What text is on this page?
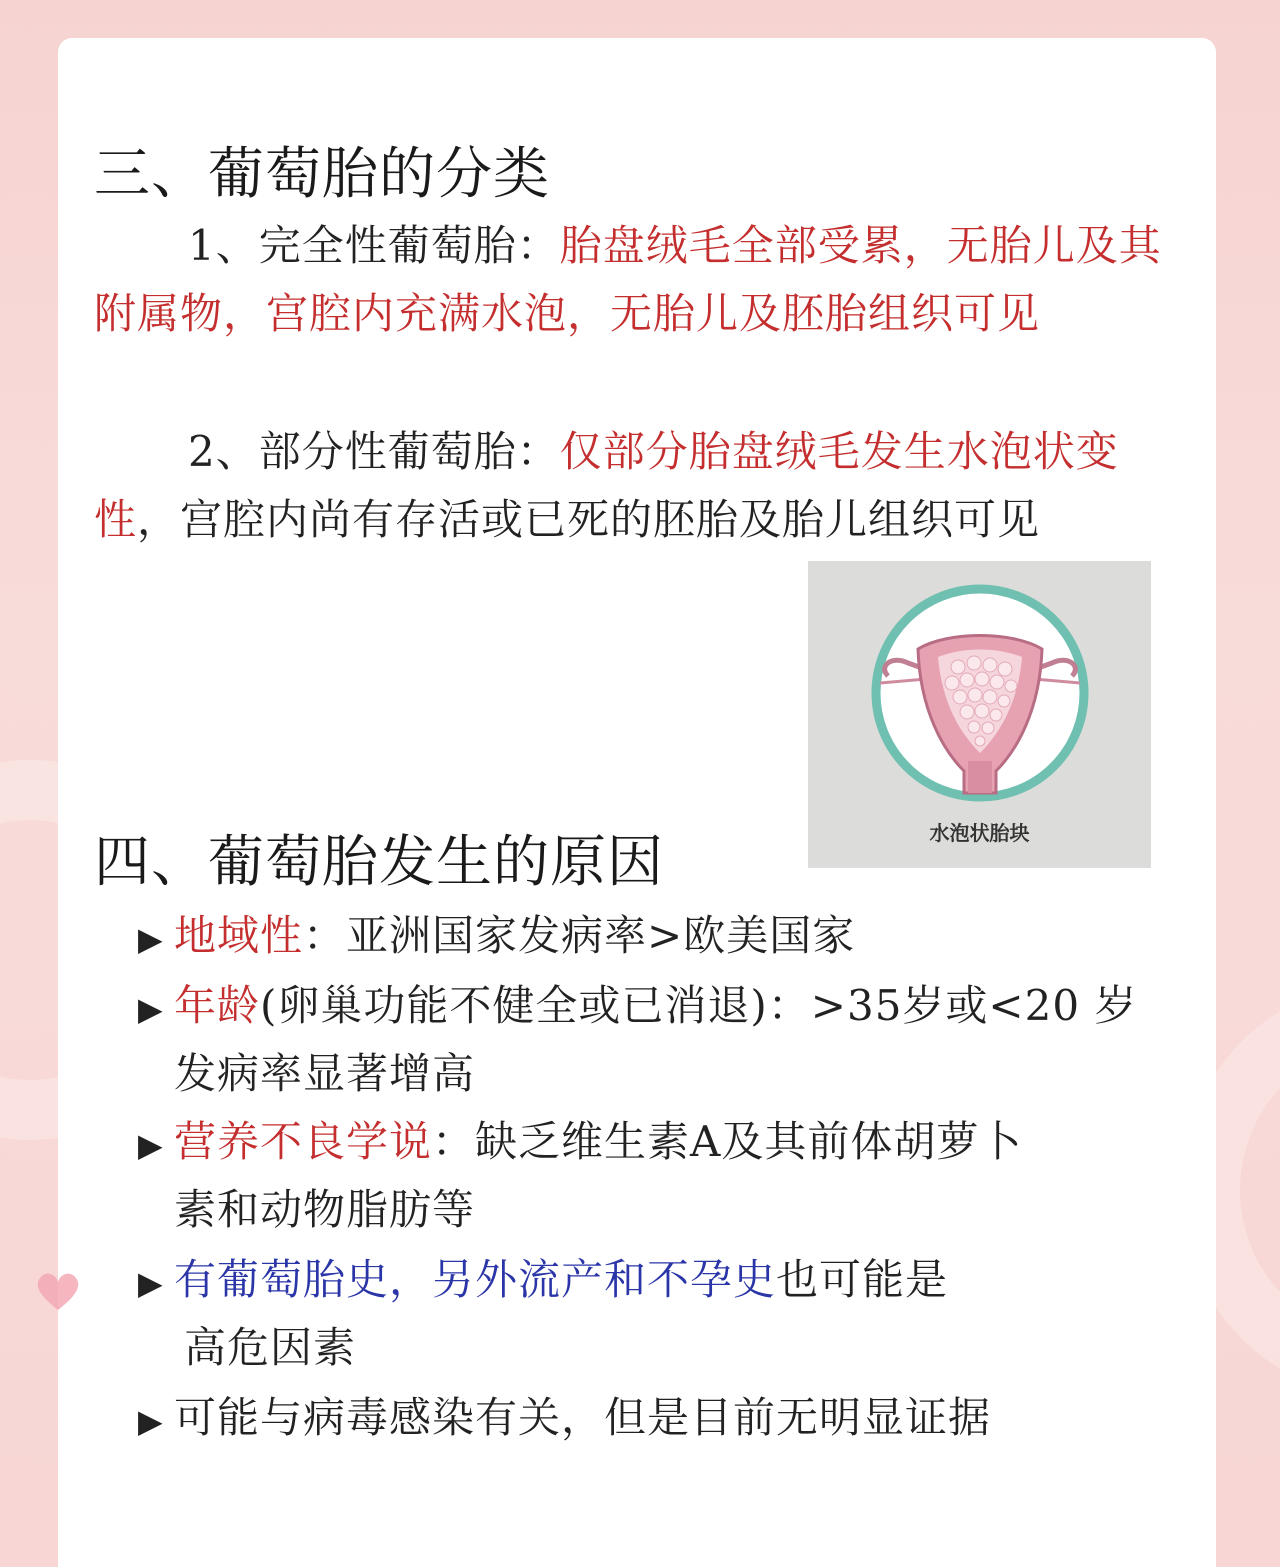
三、葡萄胎的分类
1、完全性葡萄胎：胎盘绒毛全部受累，无胎儿及其附属物，宫腔内充满水泡，无胎儿及胚胎组织可见
2、部分性葡萄胎：仅部分胎盘绒毛发生水泡状变性，宫腔内尚有存活或已死的胚胎及胎儿组织可见
水泡状胎块
四、葡萄胎发生的原因
▶ 地域性：亚洲国家发病率>欧美国家
▶ 年龄(卵巢功能不健全或已消退)：>35岁或<20 岁
发病率显著增高
▶ 营养不良学说：缺乏维生素A及其前体胡萝卜
素和动物脂肪等
▶ 有葡萄胎史，另外流产和不孕史也可能是
高危因素
▶ 可能与病毒感染有关，但是目前无明显证据
